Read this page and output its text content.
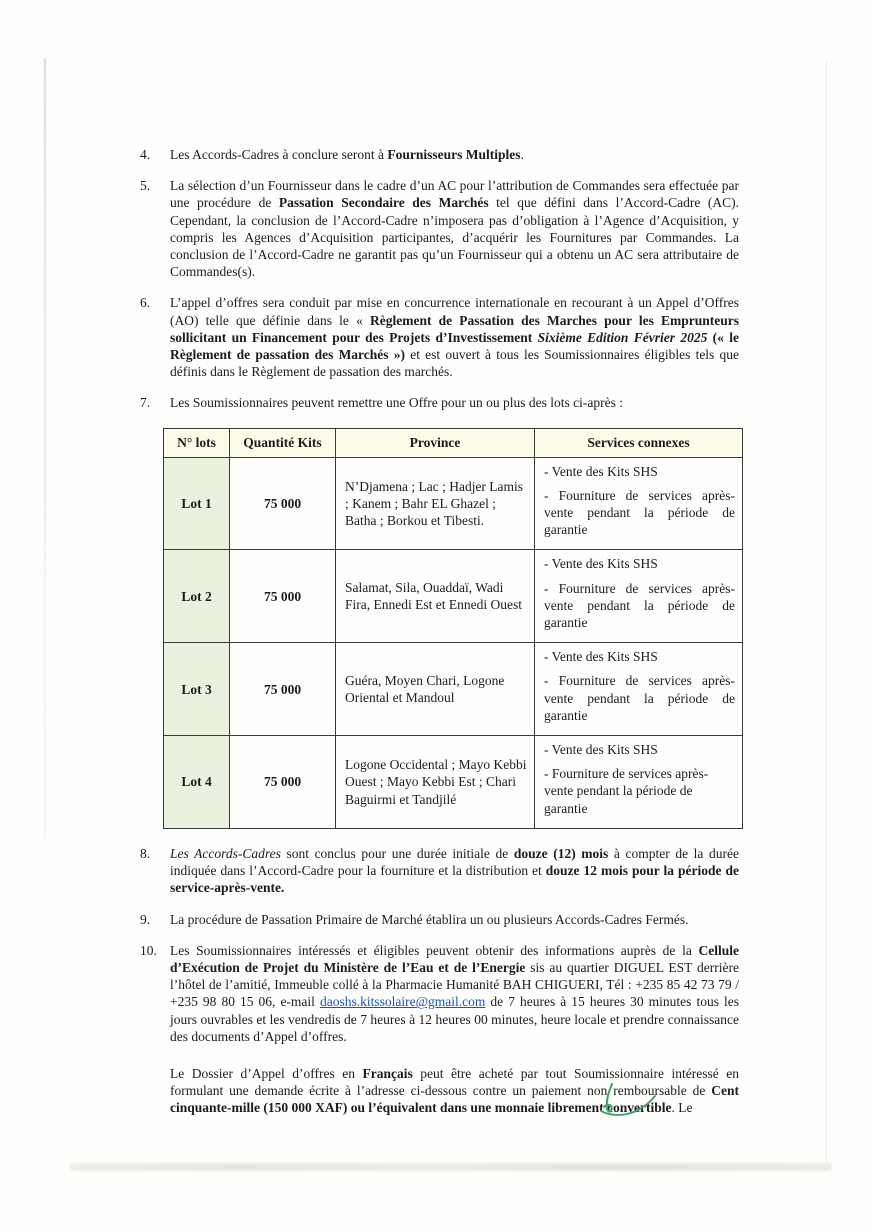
4.	Les Accords-Cadres à conclure seront à Fournisseurs Multiples.
5.	La sélection d’un Fournisseur dans le cadre d’un AC pour l’attribution de Commandes sera effectuée par une procédure de Passation Secondaire des Marchés tel que défini dans l’Accord-Cadre (AC). Cependant, la conclusion de l’Accord-Cadre n’imposera pas d’obligation à l’Agence d’Acquisition, y compris les Agences d’Acquisition participantes, d’acquérir les Fournitures par Commandes. La conclusion de l’Accord-Cadre ne garantit pas qu’un Fournisseur qui a obtenu un AC sera attributaire de Commandes(s).
6.	L’appel d’offres sera conduit par mise en concurrence internationale en recourant à un Appel d’Offres (AO) telle que définie dans le « Règlement de Passation des Marches pour les Emprunteurs sollicitant un Financement pour des Projets d’Investissement Sixième Edition Février 2025 (« le Règlement de passation des Marchés ») et est ouvert à tous les Soumissionnaires éligibles tels que définis dans le Règlement de passation des marchés.
7.	Les Soumissionnaires peuvent remettre une Offre pour un ou plus des lots ci-après :
N° lots	Quantité Kits	Province	Services connexes
Lot 1	75 000	N’Djamena ; Lac ; Hadjer Lamis ; Kanem ; Bahr EL Ghazel ; Batha ; Borkou et Tibesti.	- Vente des Kits SHS

- Fourniture de services après-vente pendant la période de garantie

Lot 2	75 000	Salamat, Sila, Ouaddaï, Wadi Fira, Ennedi Est et Ennedi Ouest	- Vente des Kits SHS

- Fourniture de services après-vente pendant la période de garantie

Lot 3	75 000	Guéra, Moyen Chari, Logone Oriental et Mandoul	- Vente des Kits SHS

- Fourniture de services après-vente pendant la période de garantie

Lot 4	75 000	Logone Occidental ; Mayo Kebbi Ouest ; Mayo Kebbi Est ; Chari Baguirmi et Tandjilé	- Vente des Kits SHS

- Fourniture de services après-vente pendant la période de garantie

8.	Les Accords-Cadres sont conclus pour une durée initiale de douze (12) mois à compter de la durée indiquée dans l’Accord-Cadre pour la fourniture et la distribution et douze 12 mois pour la période de service-après-vente.
9.	La procédure de Passation Primaire de Marché établira un ou plusieurs Accords-Cadres Fermés.
10. Les Soumissionnaires intéressés et éligibles peuvent obtenir des informations auprès de la Cellule d’Exécution de Projet du Ministère de l’Eau et de l’Energie sis au quartier DIGUEL EST derrière l’hôtel de l’amitié, Immeuble collé à la Pharmacie Humanité BAH CHIGUERI, Tél : +235 85 42 73 79 / +235 98 80 15 06, e-mail daoshs.kitssolaire@gmail.com de 7 heures à 15 heures 30 minutes tous les jours ouvrables et les vendredis de 7 heures à 12 heures 00 minutes, heure locale et prendre connaissance des documents d’Appel d’offres.
Le Dossier d’Appel d’offres en Français peut être acheté par tout Soumissionnaire intéressé en formulant une demande écrite à l’adresse ci-dessous contre un paiement non remboursable de Cent cinquante-mille (150 000 XAF) ou l’équivalent dans une monnaie librement convertible. Le
